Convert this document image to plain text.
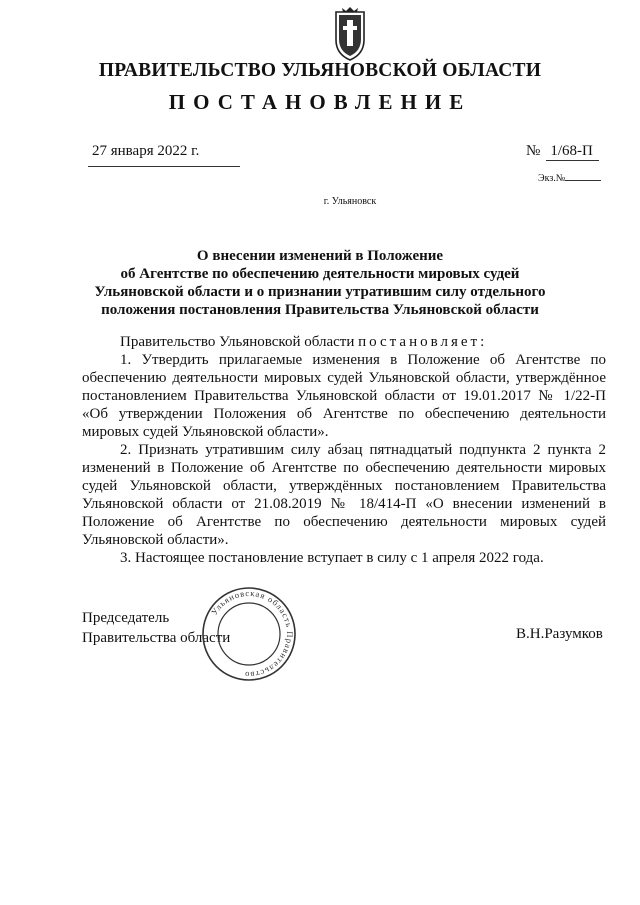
ПРАВИТЕЛЬСТВО УЛЬЯНОВСКОЙ ОБЛАСТИ
ПОСТАНОВЛЕНИЕ
27 января 2022 г.	№ 1/68-П
Экз.№
г. Ульяновск
О внесении изменений в Положение
об Агентстве по обеспечению деятельности мировых судей
Ульяновской области и о признании утратившим силу отдельного
положения постановления Правительства Ульяновской области

Правительство Ульяновской области постановляет:

1. Утвердить прилагаемые изменения в Положение об Агентстве по обеспечению деятельности мировых судей Ульяновской области, утверждённое постановлением Правительства Ульяновской области от 19.01.2017 № 1/22-П «Об утверждении Положения об Агентстве по обеспечению деятельности мировых судей Ульяновской области».

2. Признать утратившим силу абзац пятнадцатый подпункта 2 пункта 2 изменений в Положение об Агентстве по обеспечению деятельности мировых судей Ульяновской области, утверждённых постановлением Правительства Ульяновской области от 21.08.2019 № 18/414-П «О внесении изменений в Положение об Агентстве по обеспечению деятельности мировых судей Ульяновской области».

3. Настоящее постановление вступает в силу с 1 апреля 2022 года.

Председатель
Правительства области	В.Н.Разумков
Ульяновская область Правительство
